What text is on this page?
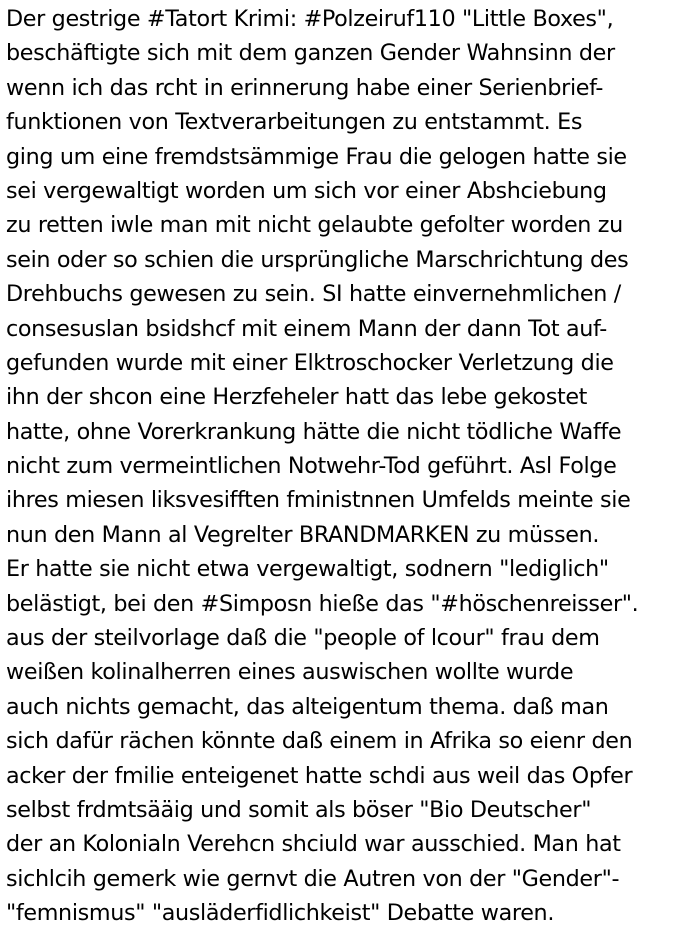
Der gestrige #Tatort Krimi: #Polzeiruf110 "Little Boxes",
beschäftigte sich mit dem ganzen Gender Wahnsinn der
wenn ich das rcht in erinnerung habe einer Serienbrief-
funktionen von Textverarbeitungen zu entstammt. Es
ging um eine fremdstsämmige Frau die gelogen hatte sie
sei vergewaltigt worden um sich vor einer Abshciebung
zu retten iwle man mit nicht gelaubte gefolter worden zu
sein oder so schien die ursprüngliche Marschrichtung des
Drehbuchs gewesen zu sein. SI hatte einvernehmlichen /
consesuslan bsidshcf mit einem Mann der dann Tot auf-
gefunden wurde mit einer Elktroschocker Verletzung die
ihn der shcon eine Herzfeheler hatt das lebe gekostet
hatte, ohne Vorerkrankung hätte die nicht tödliche Waffe
nicht zum vermeintlichen Notwehr-Tod geführt. Asl Folge
ihres miesen liksvesifften fministnnen Umfelds meinte sie
nun den Mann al Vegrelter BRANDMARKEN zu müssen.
Er hatte sie nicht etwa vergewaltigt, sodnern "lediglich"
belästigt, bei den #Simposn hieße das "#höschenreisser".
aus der steilvorlage daß die "people of lcour" frau dem
weißen kolinalherren eines auswischen wollte wurde
auch nichts gemacht, das alteigentum thema. daß man
sich dafür rächen könnte daß einem in Afrika so eienr den
acker der fmilie enteigenet hatte schdi aus weil das Opfer
selbst frdmtsääig und somit als böser "Bio Deutscher"
der an Kolonialn Verehcn shciuld war ausschied. Man hat
sichlcih gemerk wie gernvt die Autren von der "Gender"-
"femnismus" "ausläderfidlichkeist" Debatte waren.
